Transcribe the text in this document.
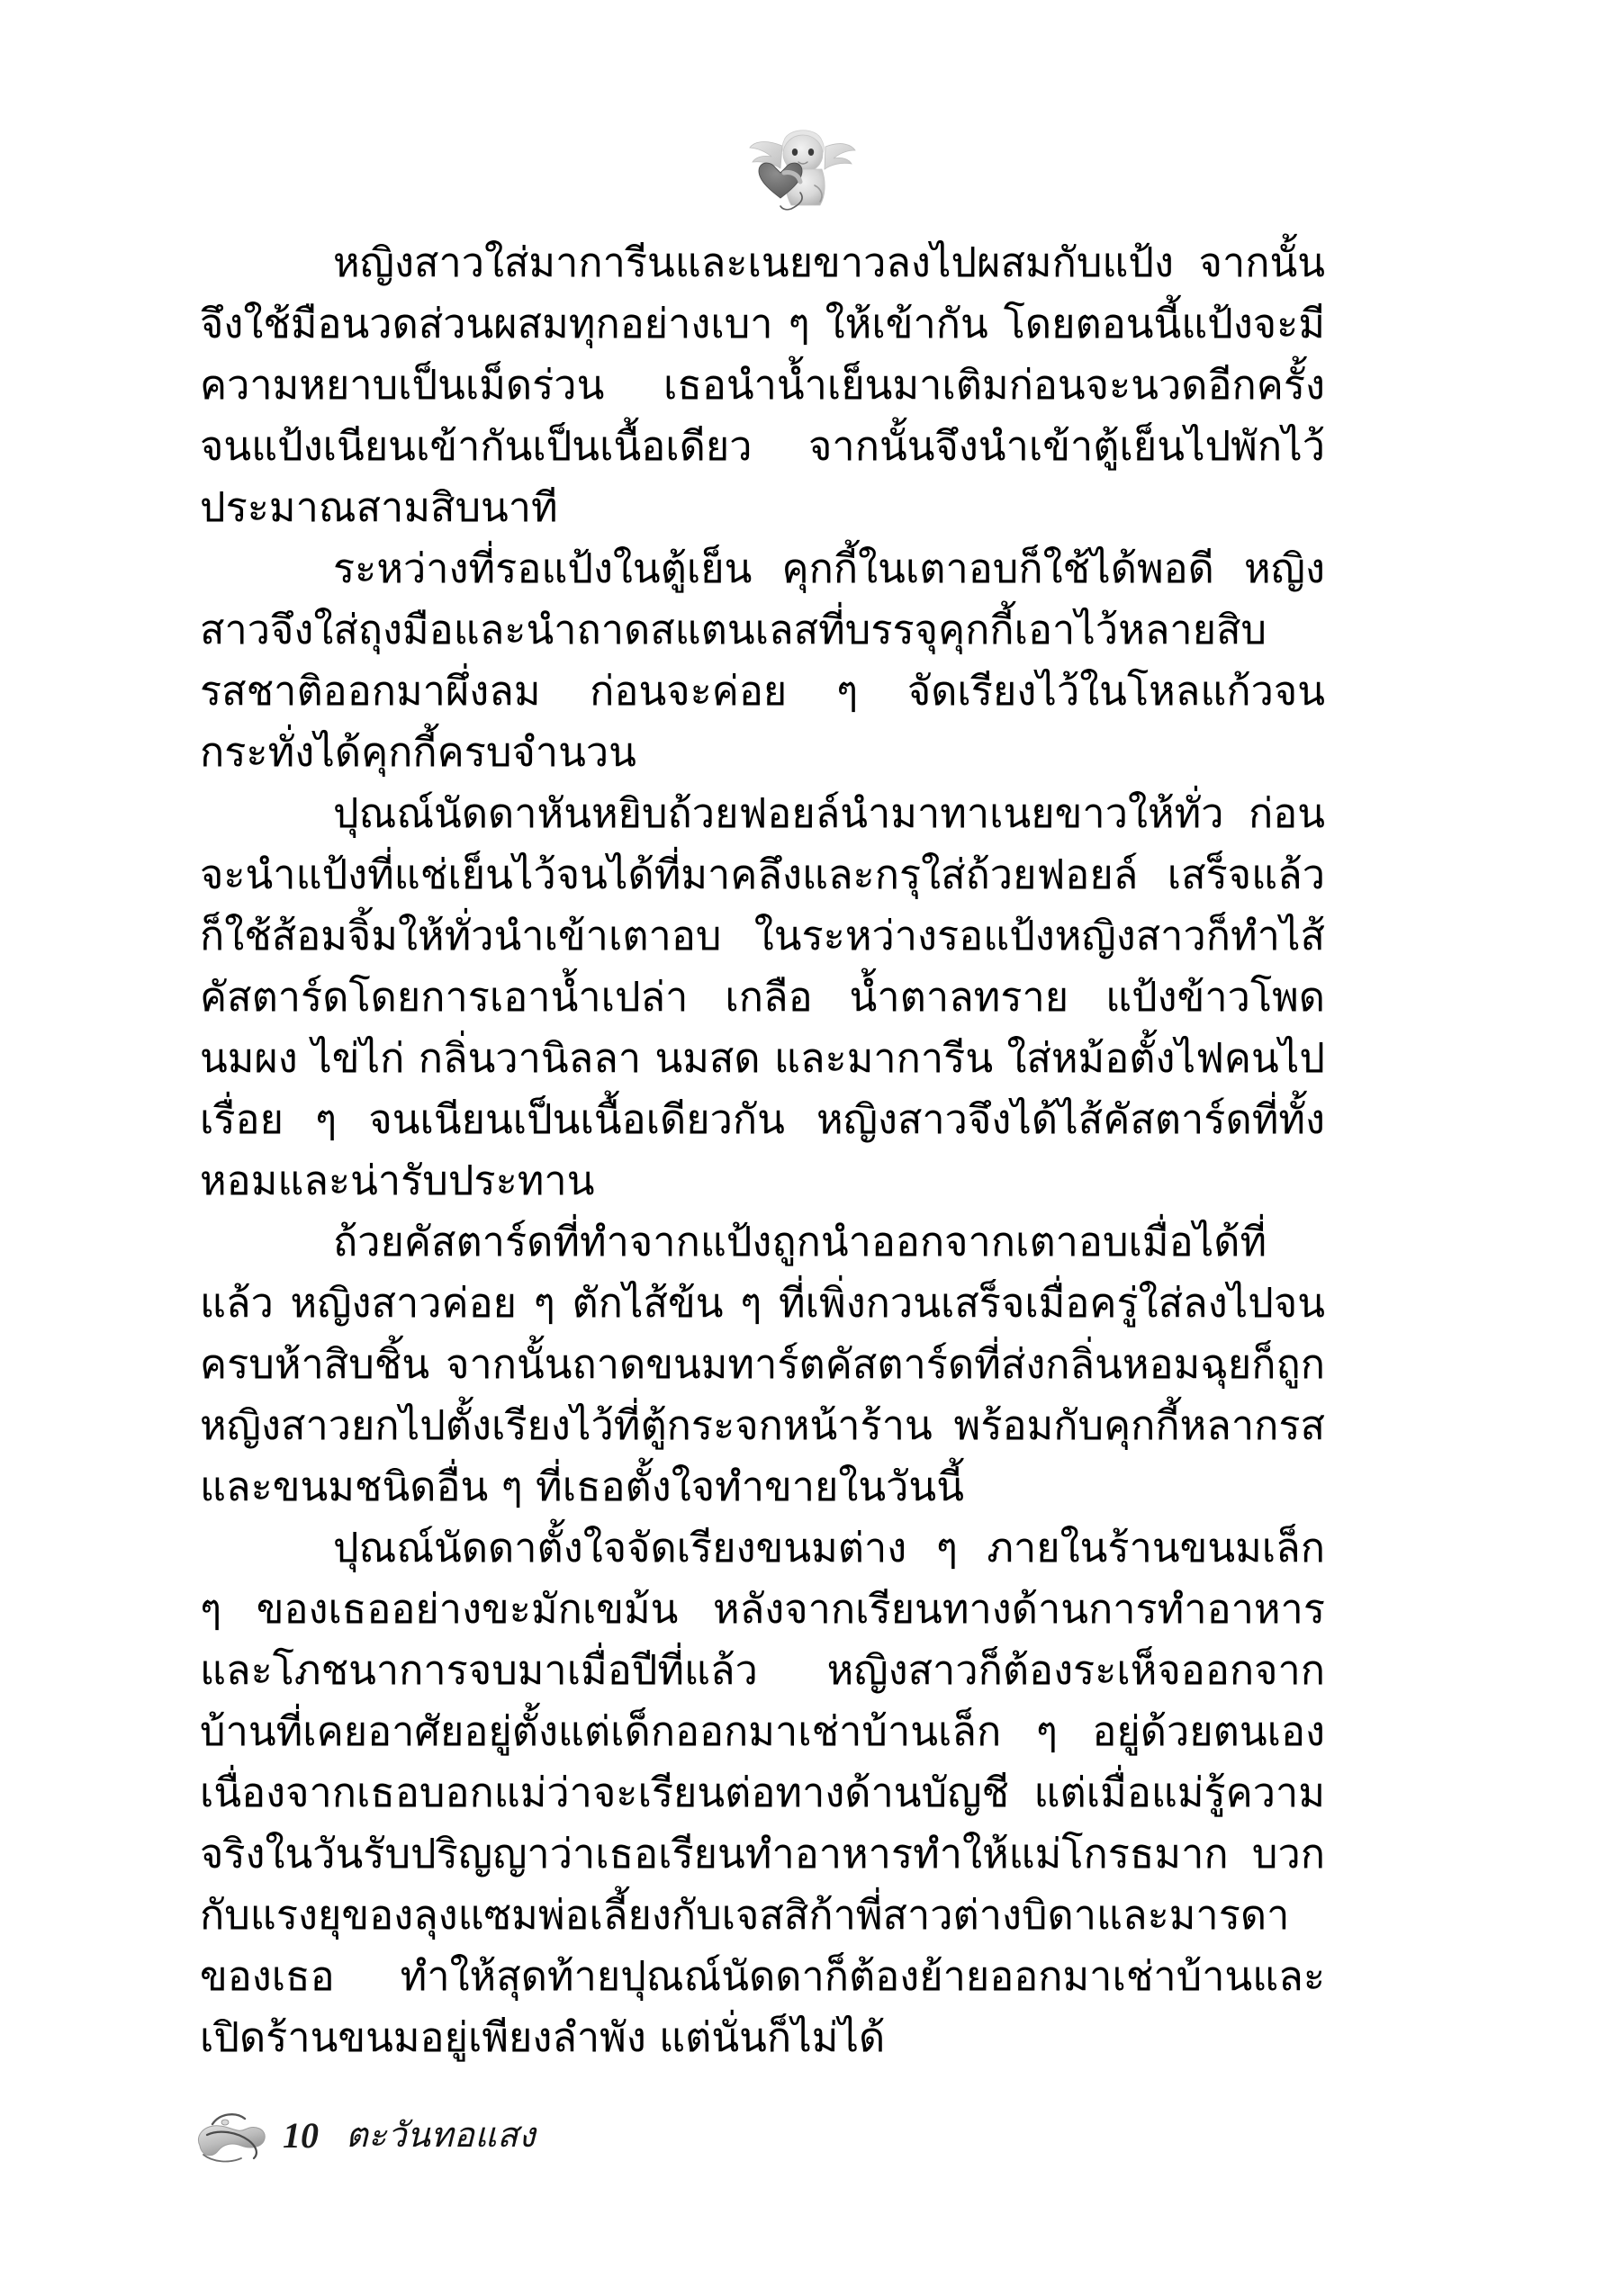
หญิงสาวใส่มาการีนและเนยขาวลงไปผสมกับแป้ง จากนั้นจึงใช้มือนวดส่วนผสมทุกอย่างเบา ๆ ให้เข้ากัน โดยตอนนี้แป้งจะมีความหยาบเป็นเม็ดร่วน เธอนำน้ำเย็นมาเติมก่อนจะนวดอีกครั้งจนแป้งเนียนเข้ากันเป็นเนื้อเดียว จากนั้นจึงนำเข้าตู้เย็นไปพักไว้ประมาณสามสิบนาที

ระหว่างที่รอแป้งในตู้เย็น คุกกี้ในเตาอบก็ใช้ได้พอดี หญิงสาวจึงใส่ถุงมือและนำถาดสแตนเลสที่บรรจุคุกกี้เอาไว้หลายสิบรสชาติออกมาผึ่งลม ก่อนจะค่อย ๆ จัดเรียงไว้ในโหลแก้วจนกระทั่งได้คุกกี้ครบจำนวน

ปุณณ์นัดดาหันหยิบถ้วยฟอยล์นำมาทาเนยขาวให้ทั่ว ก่อนจะนำแป้งที่แช่เย็นไว้จนได้ที่มาคลึงและกรุใส่ถ้วยฟอยล์ เสร็จแล้วก็ใช้ส้อมจิ้มให้ทั่วนำเข้าเตาอบ ในระหว่างรอแป้งหญิงสาวก็ทำไส้คัสตาร์ดโดยการเอาน้ำเปล่า เกลือ น้ำตาลทราย แป้งข้าวโพด นมผง ไข่ไก่ กลิ่นวานิลลา นมสด และมาการีน ใส่หม้อตั้งไฟคนไปเรื่อย ๆ จนเนียนเป็นเนื้อเดียวกัน หญิงสาวจึงได้ไส้คัสตาร์ดที่ทั้งหอมและน่ารับประทาน

ถ้วยคัสตาร์ดที่ทำจากแป้งถูกนำออกจากเตาอบเมื่อได้ที่แล้ว หญิงสาวค่อย ๆ ตักไส้ข้น ๆ ที่เพิ่งกวนเสร็จเมื่อครู่ใส่ลงไปจนครบห้าสิบชิ้น จากนั้นถาดขนมทาร์ตคัสตาร์ดที่ส่งกลิ่นหอมฉุยก็ถูกหญิงสาวยกไปตั้งเรียงไว้ที่ตู้กระจกหน้าร้าน พร้อมกับคุกกี้หลากรสและขนมชนิดอื่น ๆ ที่เธอตั้งใจทำขายในวันนี้

ปุณณ์นัดดาตั้งใจจัดเรียงขนมต่าง ๆ ภายในร้านขนมเล็ก ๆ ของเธออย่างขะมักเขม้น หลังจากเรียนทางด้านการทำอาหารและโภชนาการจบมาเมื่อปีที่แล้ว หญิงสาวก็ต้องระเห็จออกจากบ้านที่เคยอาศัยอยู่ตั้งแต่เด็กออกมาเช่าบ้านเล็ก ๆ อยู่ด้วยตนเอง เนื่องจากเธอบอกแม่ว่าจะเรียนต่อทางด้านบัญชี แต่เมื่อแม่รู้ความจริงในวันรับปริญญาว่าเธอเรียนทำอาหารทำให้แม่โกรธมาก บวกกับแรงยุของลุงแซมพ่อเลี้ยงกับเจสสิก้าพี่สาวต่างบิดาและมารดาของเธอ ทำให้สุดท้ายปุณณ์นัดดาก็ต้องย้ายออกมาเช่าบ้านและเปิดร้านขนมอยู่เพียงลำพัง แต่นั่นก็ไม่ได้

10 ตะวันทอแสง
